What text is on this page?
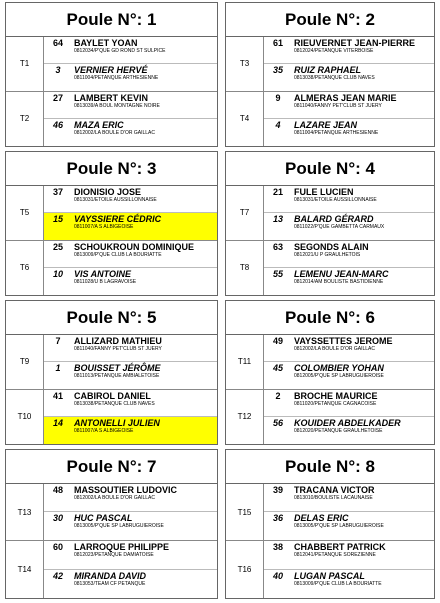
Poule N°: 1
T1
64	BAYLET YOAN
0812034/P'QUE GD ROND ST SULPICE
3	VERNIER HERVÉ
0811004/PETANQUE ARTHESIENNE
T2
27	LAMBERT KEVIN
0813039/A BOUL MONTAGNE NOIRE
46	MAZA ERIC
0812002/LA BOULE D'OR GAILLAC
Poule N°: 2
T3
61	RIEUVERNET JEAN-PIERRE
0812024/PETANQUE VITERBOISE
35	RUIZ RAPHAEL
0813038/PETANQUE CLUB NAVES
T4
9	ALMERAS JEAN MARIE
0811040/FANNY PET'CLUB ST JUERY
4	LAZARE JEAN
0811004/PETANQUE ARTHESIENNE
Poule N°: 3
T5
37	DIONISIO JOSE
0813031/ETOILE AUSSILLONNAISE
15	VAYSSIERE CÉDRIC
0811007/A S ALBIGEOISE
T6
25	SCHOUKROUN DOMINIQUE
0813009/P'QUE CLUB LA BOURIATTE
10	VIS ANTOINE
0811028/U B LAGRAVOISE
Poule N°: 4
T7
21	FULE LUCIEN
0813031/ETOILE AUSSILLONNAISE
13	BALARD GÉRARD
0811022/P'QUE GAMBETTA CARMAUX
T8
63	SEGONDS ALAIN
0812021/U P GRAULHETOIS
55	LEMENU JEAN-MARC
0812014/AM BOULISTE BASTIDIENNE
Poule N°: 5
T9
7	ALLIZARD MATHIEU
0811040/FANNY PET'CLUB ST JUERY
1	BOUISSET JÉRÔME
0811013/PETANQUE AMBIALETOISE
T10
41	CABIROL DANIEL
0813038/PETANQUE CLUB NAVES
14	ANTONELLI JULIEN
0811007/A S ALBIGEOISE
Poule N°: 6
T11
49	VAYSSETTES JEROME
0812002/LA BOULE D'OR GAILLAC
45	COLOMBIER YOHAN
0812005/P'QUE SP LABRUGUIEROISE
T12
2	BROCHE MAURICE
0811020/PETANQUE CAGNACOISE
56	KOUIDER ABDELKADER
0812020/PETANQUE GRAULHETOISE
Poule N°: 7
T13
48	MASSOUTIER LUDOVIC
0812002/LA BOULE D'OR GAILLAC
30	HUC PASCAL
0813005/P'QUE SP LABRUGUIEROISE
T14
60	LARROQUE PHILIPPE
0812023/PETANQUE DAMIATOISE
42	MIRANDA DAVID
0813053/TEAM CF PETANQUE
Poule N°: 8
T15
39	TRACANA VICTOR
0813010/BOULISTE LACAUNAISE
36	DELAS ERIC
0813005/P'QUE SP LABRUGUIEROISE
T16
38	CHABBERT PATRICK
0812041/PETANQUE SOREZIENNE
40	LUGAN PASCAL
0813009/P'QUE CLUB LA BOURIATTE
